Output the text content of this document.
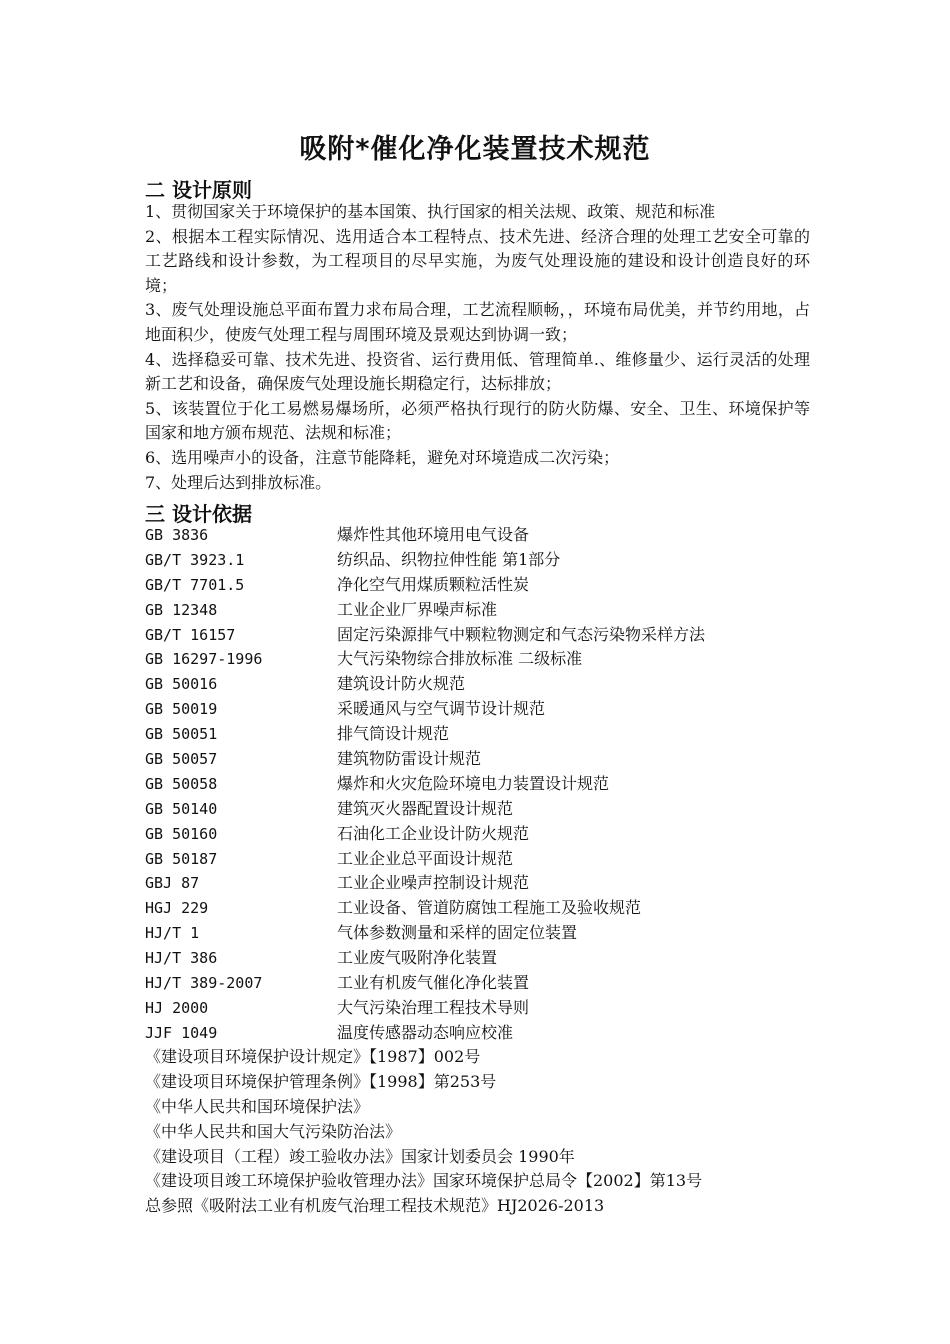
吸附*催化净化装置技术规范
二 设计原则

1、贯彻国家关于环境保护的基本国策、执行国家的相关法规、政策、规范和标准

2、根据本工程实际情况、选用适合本工程特点、技术先进、经济合理的处理工艺安全可靠的工艺路线和设计参数，为工程项目的尽早实施，为废气处理设施的建设和设计创造良好的环境；

3、废气处理设施总平面布置力求布局合理，工艺流程顺畅，，环境布局优美，并节约用地，占地面积少，使废气处理工程与周围环境及景观达到协调一致；

4、选择稳妥可靠、技术先进、投资省、运行费用低、管理简单.、维修量少、运行灵活的处理新工艺和设备，确保废气处理设施长期稳定行，达标排放；

5、该装置位于化工易燃易爆场所，必须严格执行现行的防火防爆、安全、卫生、环境保护等国家和地方颁布规范、法规和标准；

6、选用噪声小的设备，注意节能降耗，避免对环境造成二次污染；

7、处理后达到排放标准。

三 设计依据
GB 3836	爆炸性其他环境用电气设备
GB/T 3923.1	纺织品、织物拉伸性能 第1部分
GB/T 7701.5	净化空气用煤质颗粒活性炭
GB 12348	工业企业厂界噪声标准
GB/T 16157	固定污染源排气中颗粒物测定和气态污染物采样方法
GB 16297-1996	大气污染物综合排放标准 二级标准
GB 50016	建筑设计防火规范
GB 50019	采暖通风与空气调节设计规范
GB 50051	排气筒设计规范
GB 50057	建筑物防雷设计规范
GB 50058	爆炸和火灾危险环境电力装置设计规范
GB 50140	建筑灭火器配置设计规范
GB 50160	石油化工企业设计防火规范
GB 50187	工业企业总平面设计规范
GBJ 87	工业企业噪声控制设计规范
HGJ 229	工业设备、管道防腐蚀工程施工及验收规范
HJ/T 1	气体参数测量和采样的固定位装置
HJ/T 386	工业废气吸附净化装置
HJ/T 389-2007	工业有机废气催化净化装置
HJ 2000	大气污染治理工程技术导则
JJF 1049	温度传感器动态响应校准
《建设项目环境保护设计规定》【1987】002号
《建设项目环境保护管理条例》【1998】第253号
《中华人民共和国环境保护法》
《中华人民共和国大气污染防治法》
《建设项目（工程）竣工验收办法》国家计划委员会 1990年
《建设项目竣工环境保护验收管理办法》国家环境保护总局令【2002】第13号
总参照《吸附法工业有机废气治理工程技术规范》HJ2026-2013
